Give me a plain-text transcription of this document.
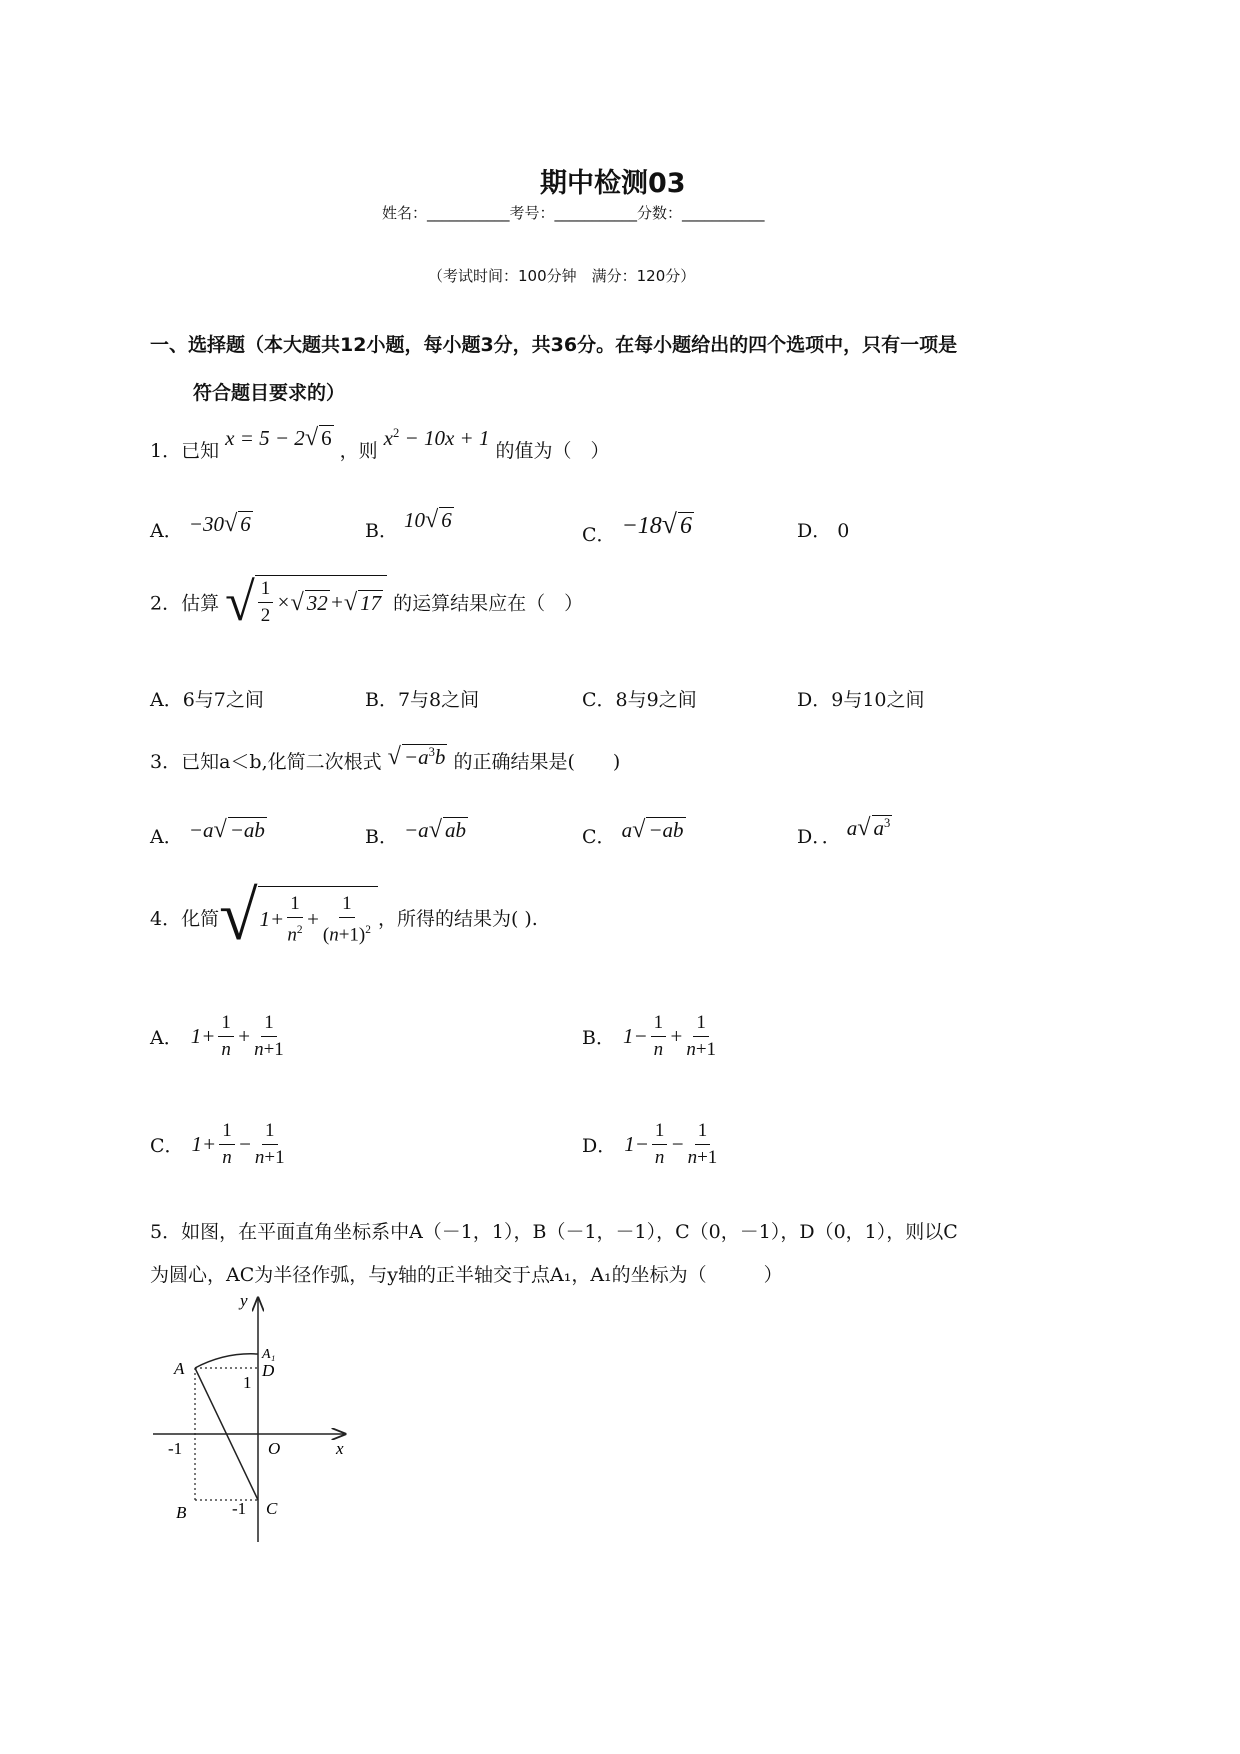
期中检测03
姓名：___________考号：___________分数：___________
（考试时间：100分钟　满分：120分）
一、选择题（本大题共12小题，每小题3分，共36分。在每小题给出的四个选项中，只有一项是
符合题目要求的）
1．已知 x = 5 − 2√ 6 ，则 $x^2 - 10x + 1$ 的值为（　）
A． −30√ 6	B． 10√ 6
C． −18√ 6	D． 0
2．估算 √ $\frac{1}{2}$ × √ 32 + √ 17 的运算结果应在（　）
A．6与7之间	B．7与8之间	C．8与9之间	D．9与10之间
3．已知a＜b,化简二次根式 √ $-a^3b$ 的正确结果是(　　)
A． −a√ −ab	B． −a√ ab	C． a√ −ab	D．． a√ $a^3$
4．化简 √ $1+ \frac{1}{n^2} + \frac{1}{(n+1)^2}$ ，所得的结果为( ).
A． $1+ \frac{1}{n} + \frac{1}{n+1}$	B． $1- \frac{1}{n} + \frac{1}{n+1}$
C． $1+ \frac{1}{n} - \frac{1}{n+1}$	D． $1- \frac{1}{n} - \frac{1}{n+1}$
5．如图，在平面直角坐标系中A（－1，1），B（－1，－1），C（0，－1），D（0，1），则以C
为圆心，AC为半径作弧，与y轴的正半轴交于点A₁，A₁的坐标为（　　　）
y
A
A₁
D
1
-1	O	x
B	-1 C
